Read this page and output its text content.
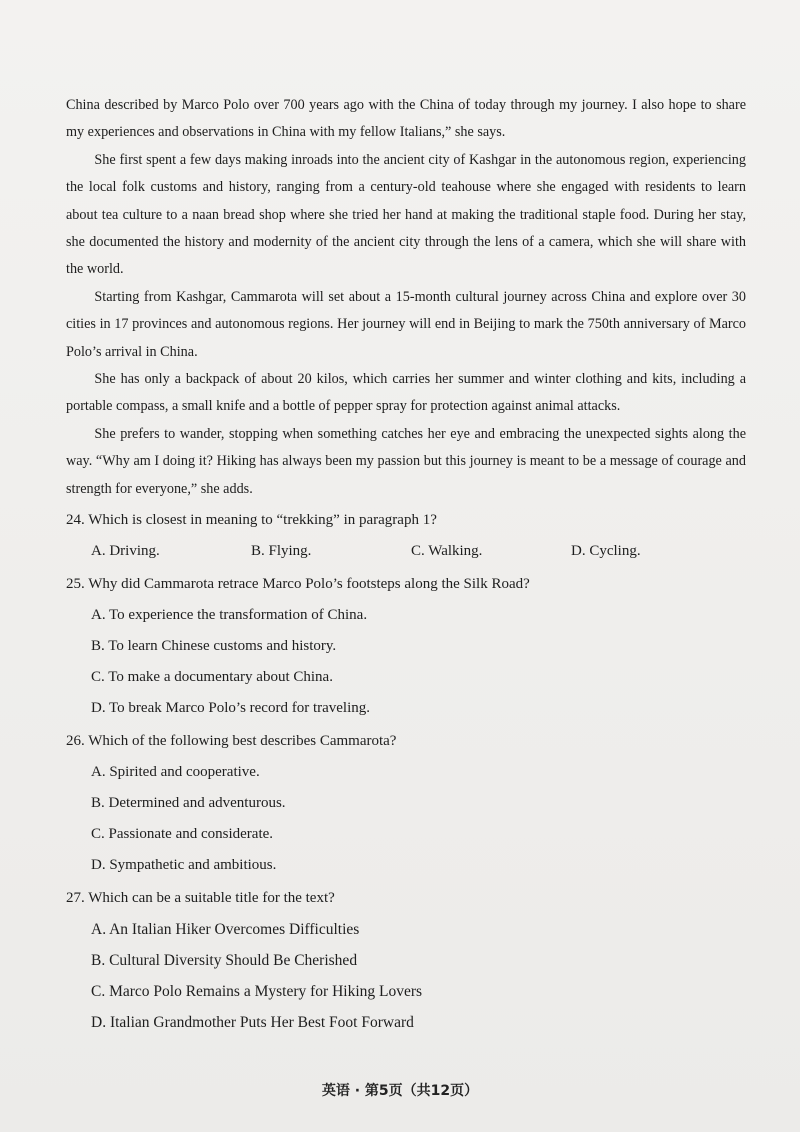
China described by Marco Polo over 700 years ago with the China of today through my journey. I also hope to share my experiences and observations in China with my fellow Italians,” she says.

She first spent a few days making inroads into the ancient city of Kashgar in the autonomous region, experiencing the local folk customs and history, ranging from a century-old teahouse where she engaged with residents to learn about tea culture to a naan bread shop where she tried her hand at making the traditional staple food. During her stay, she documented the history and modernity of the ancient city through the lens of a camera, which she will share with the world.

Starting from Kashgar, Cammarota will set about a 15-month cultural journey across China and explore over 30 cities in 17 provinces and autonomous regions. Her journey will end in Beijing to mark the 750th anniversary of Marco Polo’s arrival in China.

She has only a backpack of about 20 kilos, which carries her summer and winter clothing and kits, including a portable compass, a small knife and a bottle of pepper spray for protection against animal attacks.

She prefers to wander, stopping when something catches her eye and embracing the unexpected sights along the way. “Why am I doing it? Hiking has always been my passion but this journey is meant to be a message of courage and strength for everyone,” she adds.

24. Which is closest in meaning to “trekking” in paragraph 1?
A. Driving.	B. Flying.	C. Walking.	D. Cycling.
25. Why did Cammarota retrace Marco Polo’s footsteps along the Silk Road?
A. To experience the transformation of China.
B. To learn Chinese customs and history.
C. To make a documentary about China.
D. To break Marco Polo’s record for traveling.
26. Which of the following best describes Cammarota?
A. Spirited and cooperative.
B. Determined and adventurous.
C. Passionate and considerate.
D. Sympathetic and ambitious.
27. Which can be a suitable title for the text?
A. An Italian Hiker Overcomes Difficulties
B. Cultural Diversity Should Be Cherished
C. Marco Polo Remains a Mystery for Hiking Lovers
D. Italian Grandmother Puts Her Best Foot Forward
英语 · 第5页（共12页）
